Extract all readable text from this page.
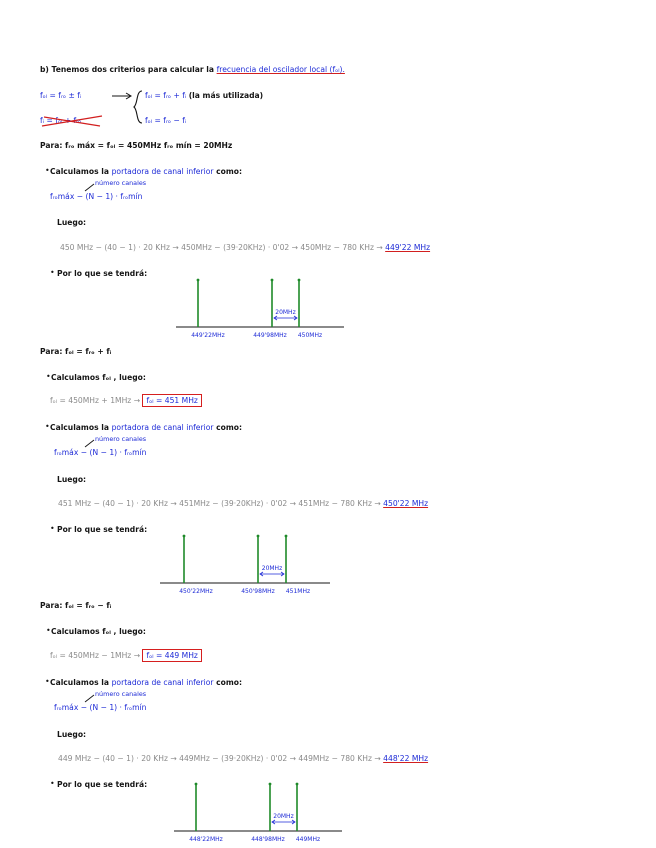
b) Tenemos dos criterios para calcular la frecuencia del oscilador local (fₒₗ).
fₒₗ = fᵣₒ ± fᵢ
fᵢ = fₒₗ + fᵣₒ
fₒₗ = fᵣₒ + fᵢ (la más utilizada)
fₒₗ = fᵣₒ − fᵢ
Para: fᵣₒ máx = fₒₗ = 450MHz fᵣₒ mín = 20MHz
• Calculamos la portadora de canal inferior como:
número canales
fᵣₒmáx − (N − 1) · fᵣₒmín
Luego:
450 MHz − (40 − 1) · 20 KHz → 450MHz − (39·20KHz) · 0'02 → 450MHz − 780 KHz → 449'22 MHz
• Por lo que se tendrá:
20MHz
449'22MHz	449'98MHz 450MHz
Para: fₒₗ = fᵣₒ + fᵢ
• Calculamos fₒₗ , luego:
fₒₗ = 450MHz + 1MHz → fₒₗ = 451 MHz
• Calculamos la portadora de canal inferior como:
número canales
fᵣₒmáx − (N − 1) · fᵣₒmín
Luego:
451 MHz − (40 − 1) · 20 KHz → 451MHz − (39·20KHz) · 0'02 → 451MHz − 780 KHz → 450'22 MHz
• Por lo que se tendrá:
20MHz
450'22MHz	450'98MHz 451MHz
Para: fₒₗ = fᵣₒ − fᵢ
• Calculamos fₒₗ , luego:
fₒₗ = 450MHz − 1MHz → fₒₗ = 449 MHz
• Calculamos la portadora de canal inferior como:
número canales
fᵣₒmáx − (N − 1) · fᵣₒmín
Luego:
449 MHz − (40 − 1) · 20 KHz → 449MHz − (39·20KHz) · 0'02 → 449MHz − 780 KHz → 448'22 MHz
• Por lo que se tendrá:
20MHz
448'22MHz	448'98MHz 449MHz
